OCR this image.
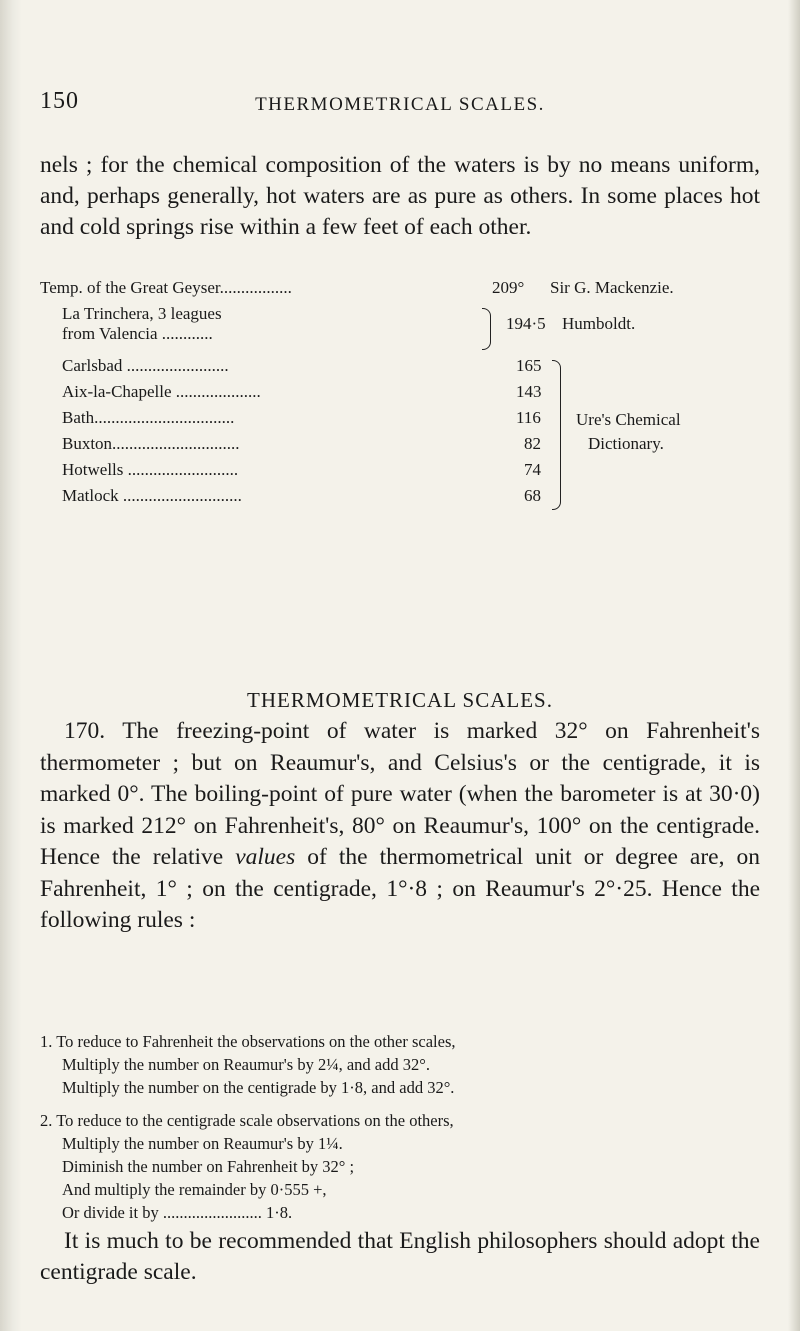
150	THERMOMETRICAL SCALES.
nels ; for the chemical composition of the waters is by no means uniform, and, perhaps generally, hot waters are as pure as others. In some places hot and cold springs rise within a few feet of each other.
Temp. of the Great Geyser.................	209° Sir G. Mackenzie.
La Trinchera, 3 leagues
from Valencia ............
194·5 Humboldt.
Carlsbad ........................	165
Aix-la-Chapelle ....................	143
Bath.................................	116
Buxton..............................	82
Hotwells ..........................	74
Matlock ............................	68
Ure's Chemical
Dictionary.
THERMOMETRICAL SCALES.
170. The freezing-point of water is marked 32° on Fahrenheit's thermometer ; but on Reaumur's, and Celsius's or the centigrade, it is marked 0°. The boiling-point of pure water (when the barometer is at 30·0) is marked 212° on Fahrenheit's, 80° on Reaumur's, 100° on the centigrade. Hence the relative values of the thermometrical unit or degree are, on Fahrenheit, 1° ; on the centigrade, 1°·8 ; on Reaumur's 2°·25. Hence the following rules :
1. To reduce to Fahrenheit the observations on the other scales,
Multiply the number on Reaumur's by 2¼, and add 32°.
Multiply the number on the centigrade by 1·8, and add 32°.
2. To reduce to the centigrade scale observations on the others,
Multiply the number on Reaumur's by 1¼.
Diminish the number on Fahrenheit by 32° ;
And multiply the remainder by 0·555 +,
Or divide it by ........................ 1·8.
It is much to be recommended that English philosophers should adopt the centigrade scale.
